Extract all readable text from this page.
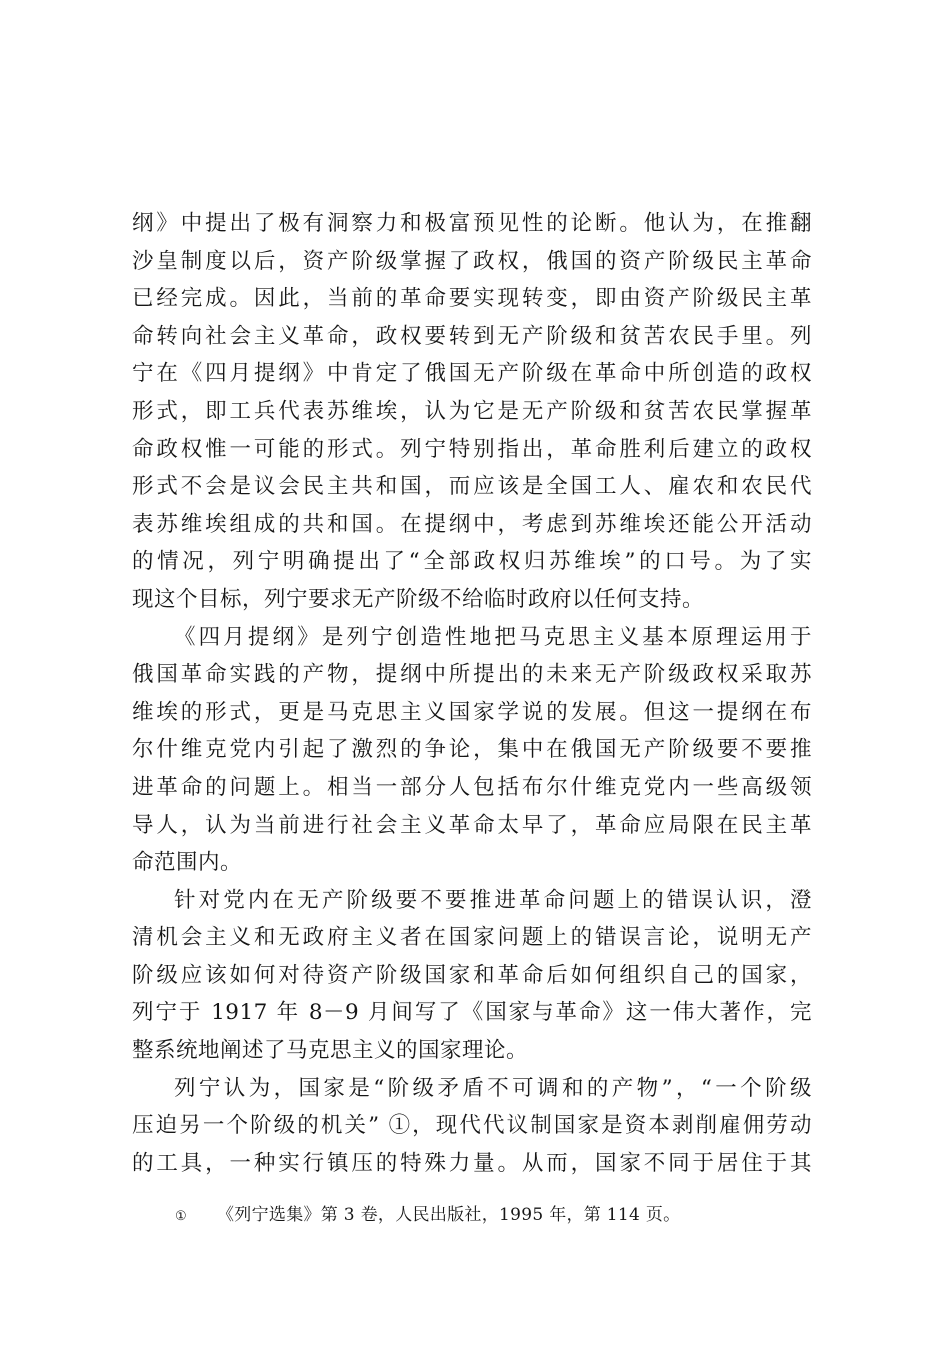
纲》中提出了极有洞察力和极富预见性的论断。他认为，在推翻
沙皇制度以后，资产阶级掌握了政权，俄国的资产阶级民主革命
已经完成。因此，当前的革命要实现转变，即由资产阶级民主革
命转向社会主义革命，政权要转到无产阶级和贫苦农民手里。列
宁在《四月提纲》中肯定了俄国无产阶级在革命中所创造的政权
形式，即工兵代表苏维埃，认为它是无产阶级和贫苦农民掌握革
命政权惟一可能的形式。列宁特别指出，革命胜利后建立的政权
形式不会是议会民主共和国，而应该是全国工人、雇农和农民代
表苏维埃组成的共和国。在提纲中，考虑到苏维埃还能公开活动
的情况，列宁明确提出了“全部政权归苏维埃”的口号。为了实
现这个目标，列宁要求无产阶级不给临时政府以任何支持。
《四月提纲》是列宁创造性地把马克思主义基本原理运用于
俄国革命实践的产物，提纲中所提出的未来无产阶级政权采取苏
维埃的形式，更是马克思主义国家学说的发展。但这一提纲在布
尔什维克党内引起了激烈的争论，集中在俄国无产阶级要不要推
进革命的问题上。相当一部分人包括布尔什维克党内一些高级领
导人，认为当前进行社会主义革命太早了，革命应局限在民主革
命范围内。
针对党内在无产阶级要不要推进革命问题上的错误认识，澄
清机会主义和无政府主义者在国家问题上的错误言论，说明无产
阶级应该如何对待资产阶级国家和革命后如何组织自己的国家，
列宁于 1917 年 8－9 月间写了《国家与革命》这一伟大著作，完
整系统地阐述了马克思主义的国家理论。
列宁认为，国家是“阶级矛盾不可调和的产物”，“一个阶级
压迫另一个阶级的机关” ①，现代代议制国家是资本剥削雇佣劳动
的工具，一种实行镇压的特殊力量。从而，国家不同于居住于其
① 《列宁选集》第 3 卷，人民出版社，1995 年，第 114 页。
